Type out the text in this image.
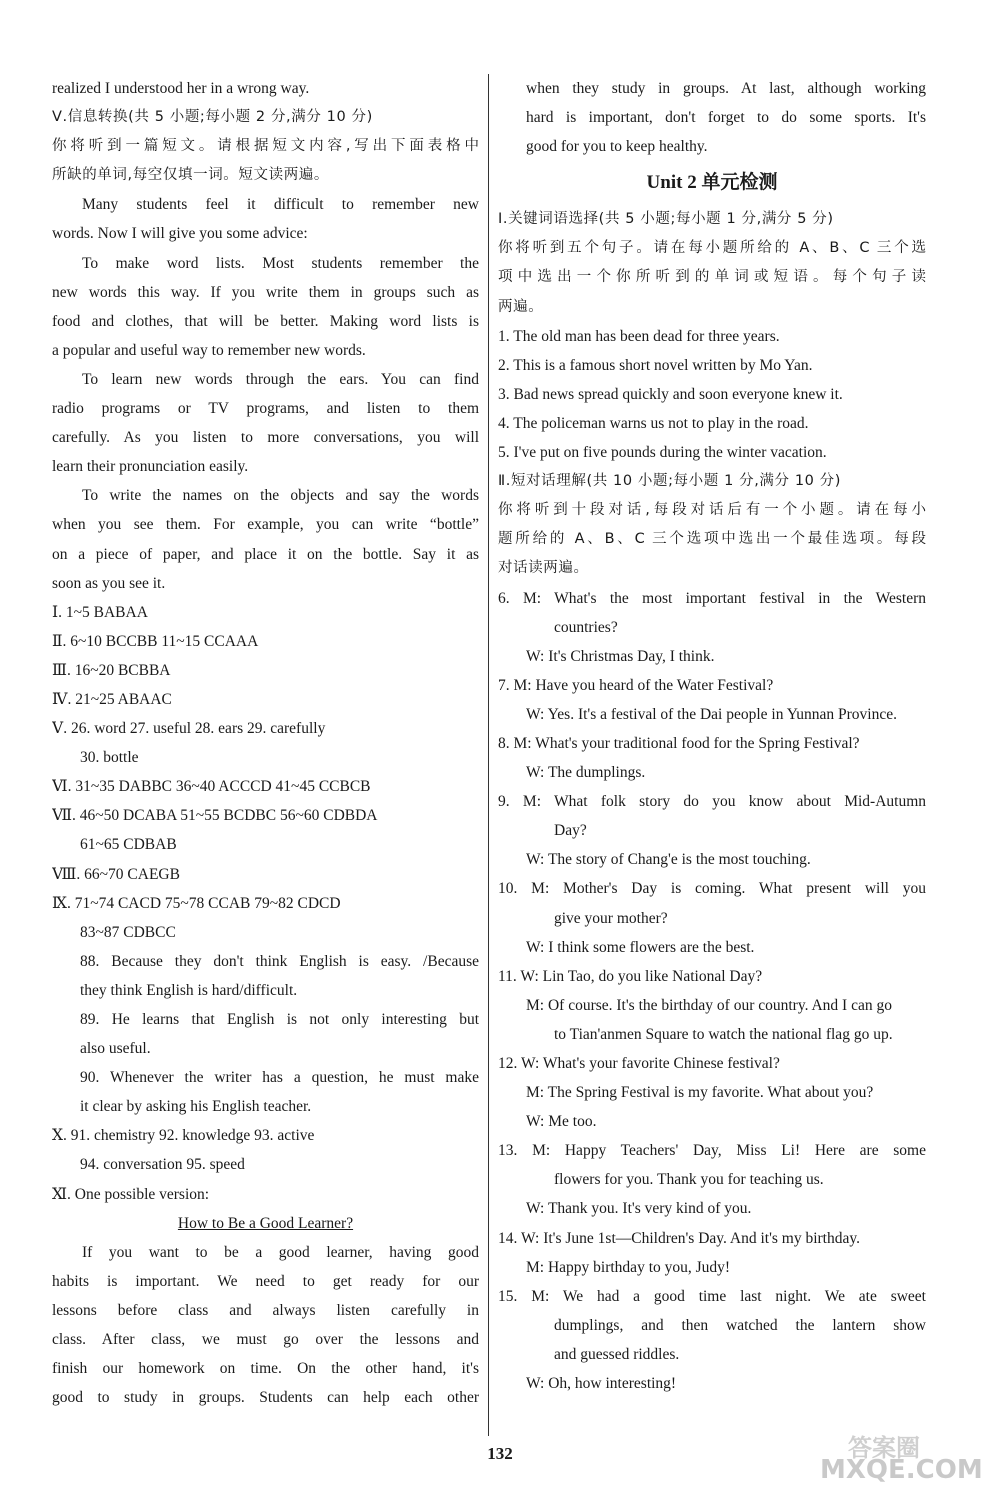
realized I understood her in a wrong way.
Ⅴ.信息转换(共 5 小题;每小题 2 分,满分 10 分)
你将听到一篇短文。请根据短文内容,写出下面表格中
所缺的单词,每空仅填一词。短文读两遍。
Many students feel it difficult to remember new
words. Now I will give you some advice:
To make word lists. Most students remember the
new words this way. If you write them in groups such as
food and clothes, that will be better. Making word lists is
a popular and useful way to remember new words.
To learn new words through the ears. You can find
radio programs or TV programs, and listen to them
carefully. As you listen to more conversations, you will
learn their pronunciation easily.
To write the names on the objects and say the words
when you see them. For example, you can write “bottle”
on a piece of paper, and place it on the bottle. Say it as
soon as you see it.
Ⅰ. 1~5 BABAA
Ⅱ. 6~10 BCCBB 11~15 CCAAA
Ⅲ. 16~20 BCBBA
Ⅳ. 21~25 ABAAC
Ⅴ. 26. word 27. useful 28. ears 29. carefully
30. bottle
Ⅵ. 31~35 DABBC 36~40 ACCCD 41~45 CCBCB
Ⅶ. 46~50 DCABA 51~55 BCDBC 56~60 CDBDA
61~65 CDBAB
Ⅷ. 66~70 CAEGB
Ⅸ. 71~74 CACD 75~78 CCAB 79~82 CDCD
83~87 CDBCC
88. Because they don't think English is easy. /Because
they think English is hard/difficult.
89. He learns that English is not only interesting but
also useful.
90. Whenever the writer has a question, he must make
it clear by asking his English teacher.
Ⅹ. 91. chemistry 92. knowledge 93. active
94. conversation 95. speed
Ⅺ. One possible version:
How to Be a Good Learner?
If you want to be a good learner, having good
habits is important. We need to get ready for our
lessons before class and always listen carefully in
class. After class, we must go over the lessons and
finish our homework on time. On the other hand, it's
good to study in groups. Students can help each other
when they study in groups. At last, although working
hard is important, don't forget to do some sports. It's
good for you to keep healthy.
Unit 2 单元检测
Ⅰ.关键词语选择(共 5 小题;每小题 1 分,满分 5 分)
你将听到五个句子。请在每小题所给的 A、B、C 三个选
项中选出一个你所听到的单词或短语。每个句子读
两遍。
1. The old man has been dead for three years.
2. This is a famous short novel written by Mo Yan.
3. Bad news spread quickly and soon everyone knew it.
4. The policeman warns us not to play in the road.
5. I've put on five pounds during the winter vacation.
Ⅱ.短对话理解(共 10 小题;每小题 1 分,满分 10 分)
你将听到十段对话,每段对话后有一个小题。请在每小
题所给的 A、B、C 三个选项中选出一个最佳选项。每段
对话读两遍。
6. M: What's the most important festival in the Western
countries?
W: It's Christmas Day, I think.
7. M: Have you heard of the Water Festival?
W: Yes. It's a festival of the Dai people in Yunnan Province.
8. M: What's your traditional food for the Spring Festival?
W: The dumplings.
9. M: What folk story do you know about Mid-Autumn
Day?
W: The story of Chang'e is the most touching.
10. M: Mother's Day is coming. What present will you
give your mother?
W: I think some flowers are the best.
11. W: Lin Tao, do you like National Day?
M: Of course. It's the birthday of our country. And I can go
to Tian'anmen Square to watch the national flag go up.
12. W: What's your favorite Chinese festival?
M: The Spring Festival is my favorite. What about you?
W: Me too.
13. M: Happy Teachers' Day, Miss Li! Here are some
flowers for you. Thank you for teaching us.
W: Thank you. It's very kind of you.
14. W: It's June 1st—Children's Day. And it's my birthday.
M: Happy birthday to you, Judy!
15. M: We had a good time last night. We ate sweet
dumplings, and then watched the lantern show
and guessed riddles.
W: Oh, how interesting!
132	答案圈
MXQE.COM
